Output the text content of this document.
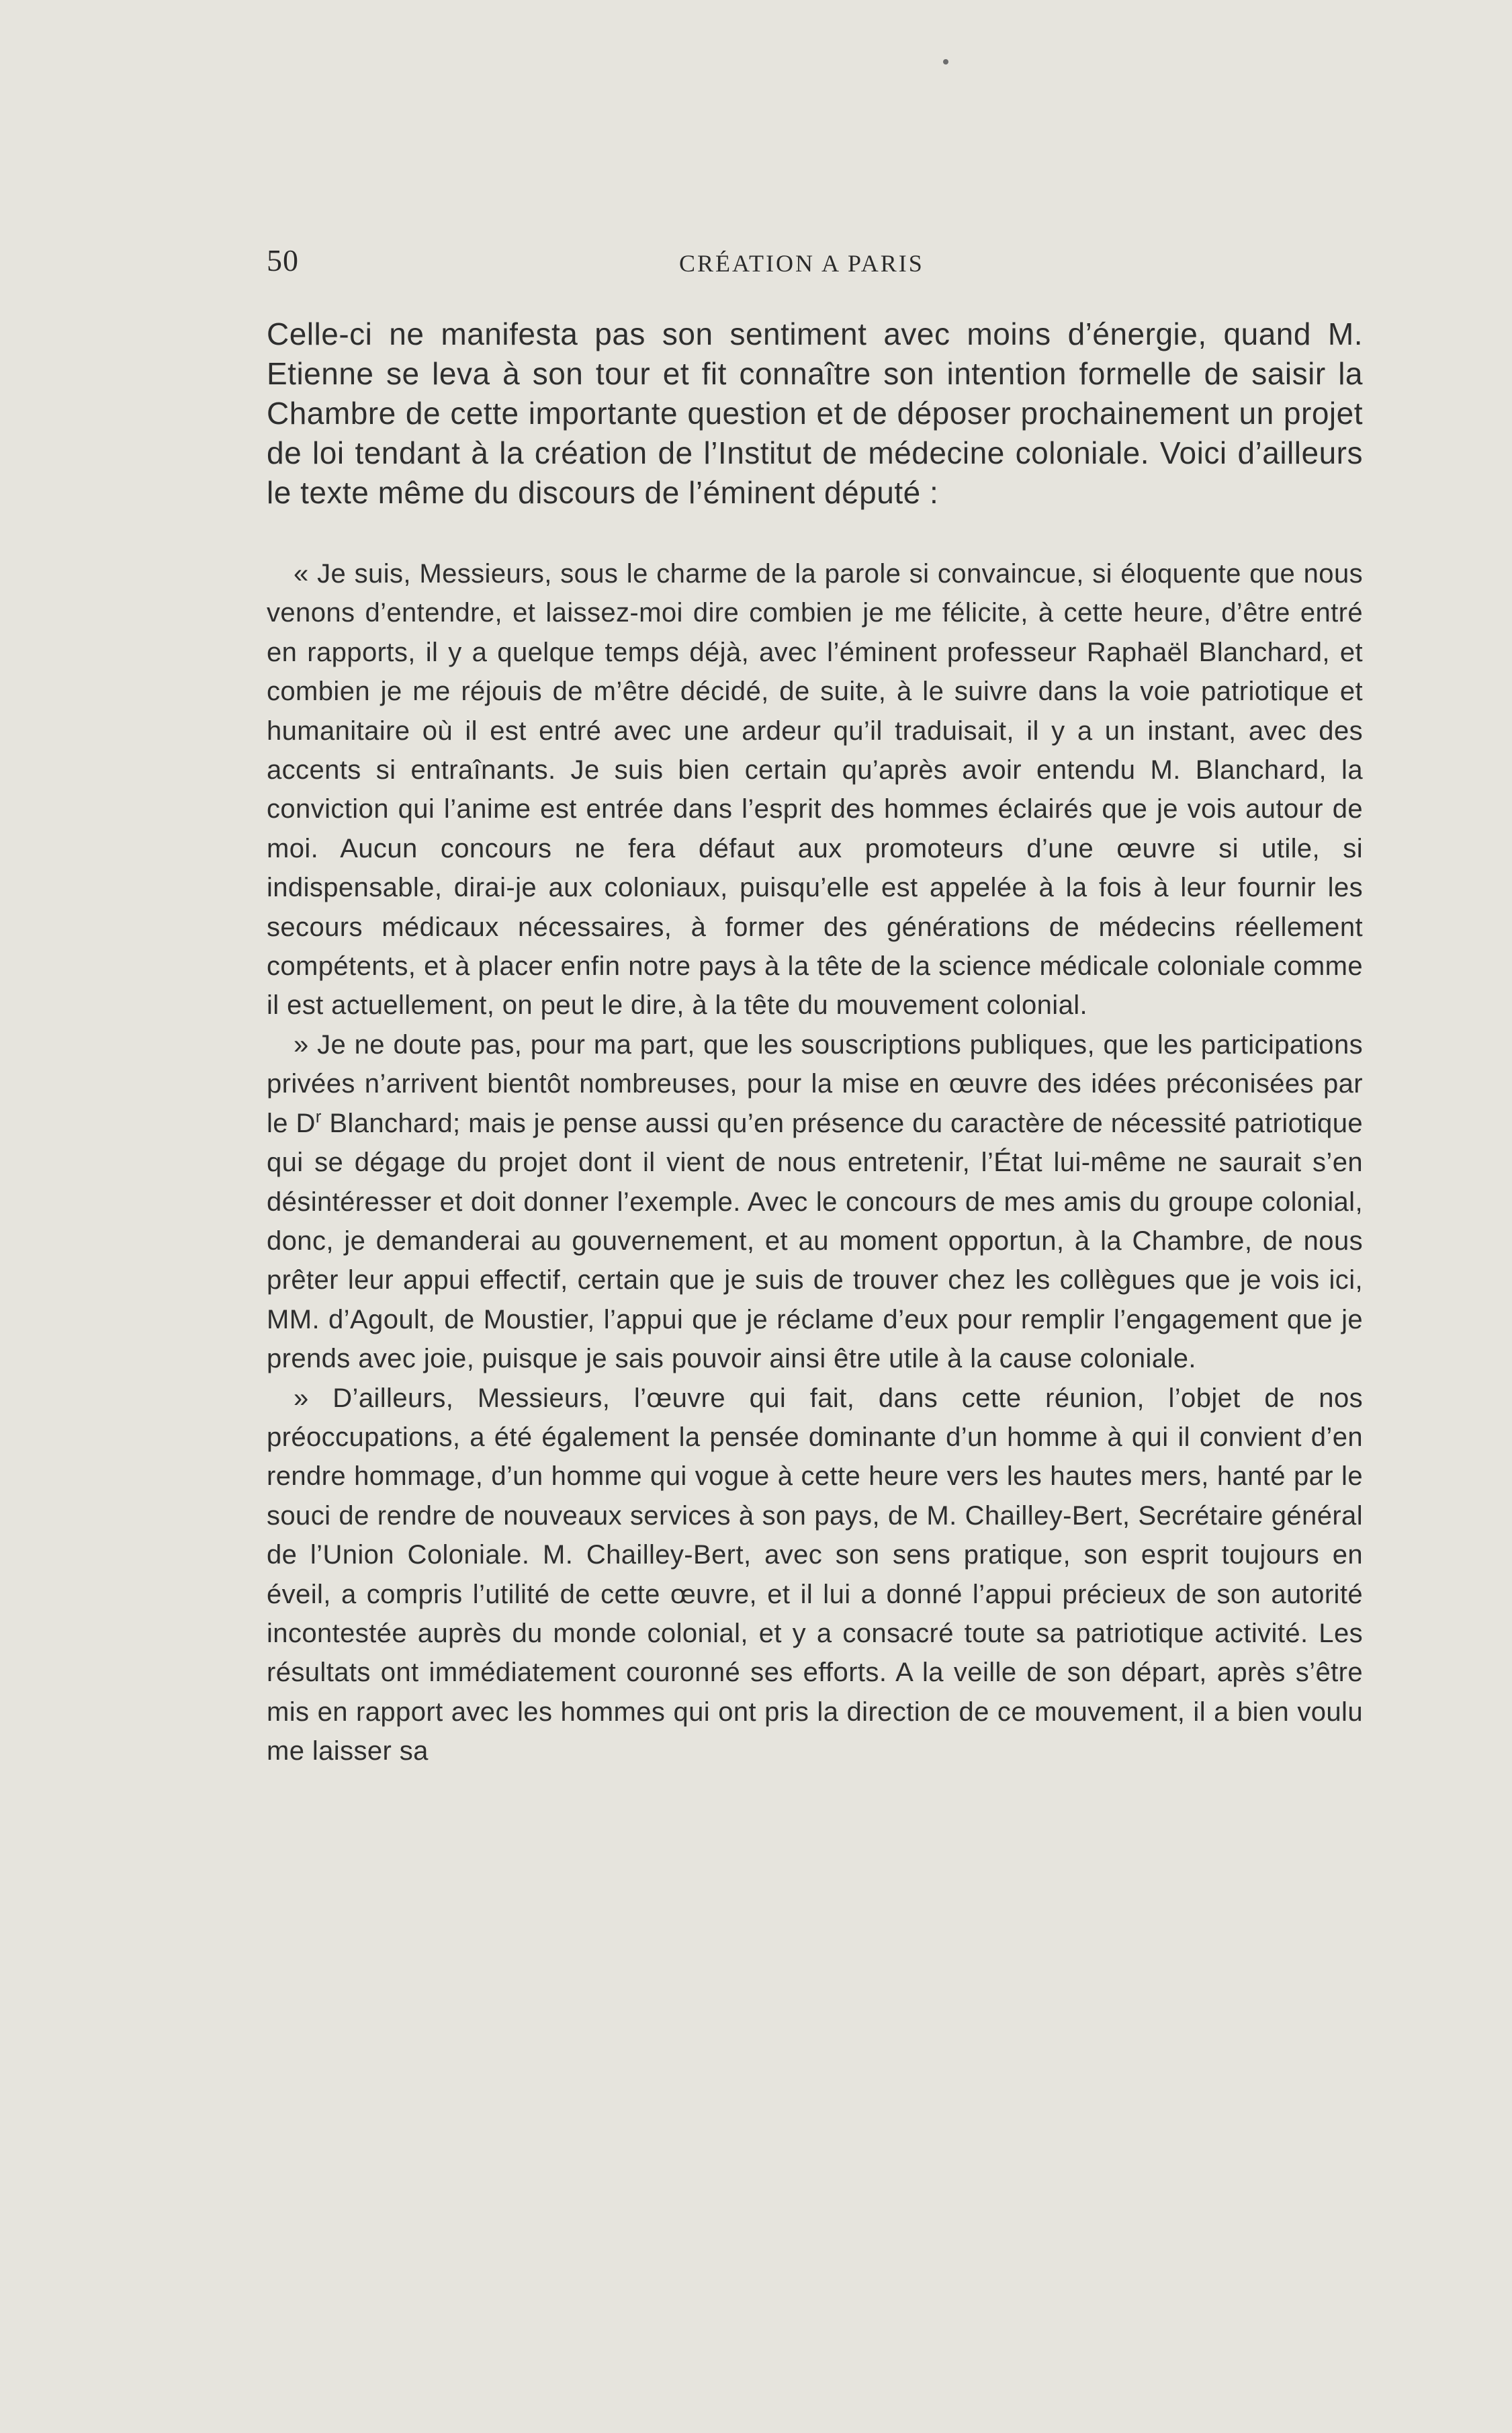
50	CRÉATION A PARIS

Celle-ci ne manifesta pas son sentiment avec moins d’énergie, quand M. Etienne se leva à son tour et fit connaître son intention formelle de saisir la Chambre de cette importante question et de déposer prochainement un projet de loi tendant à la création de l’Institut de médecine coloniale. Voici d’ailleurs le texte même du discours de l’éminent député :

« Je suis, Messieurs, sous le charme de la parole si convaincue, si éloquente que nous venons d’entendre, et laissez-moi dire combien je me félicite, à cette heure, d’être entré en rapports, il y a quelque temps déjà, avec l’éminent professeur Raphaël Blanchard, et combien je me réjouis de m’être décidé, de suite, à le suivre dans la voie patriotique et humanitaire où il est entré avec une ardeur qu’il traduisait, il y a un instant, avec des accents si entraînants. Je suis bien certain qu’après avoir entendu M. Blanchard, la conviction qui l’anime est entrée dans l’esprit des hommes éclairés que je vois autour de moi. Aucun concours ne fera défaut aux promoteurs d’une œuvre si utile, si indispensable, dirai-je aux coloniaux, puisqu’elle est appelée à la fois à leur fournir les secours médicaux nécessaires, à former des générations de médecins réellement compétents, et à placer enfin notre pays à la tête de la science médicale coloniale comme il est actuellement, on peut le dire, à la tête du mouvement colonial.

» Je ne doute pas, pour ma part, que les souscriptions publiques, que les participations privées n’arrivent bientôt nombreuses, pour la mise en œuvre des idées préconisées par le $D^r$ Blanchard; mais je pense aussi qu’en présence du caractère de nécessité patriotique qui se dégage du projet dont il vient de nous entretenir, l’État lui-même ne saurait s’en désintéresser et doit donner l’exemple. Avec le concours de mes amis du groupe colonial, donc, je demanderai au gouvernement, et au moment opportun, à la Chambre, de nous prêter leur appui effectif, certain que je suis de trouver chez les collègues que je vois ici, MM. d’Agoult, de Moustier, l’appui que je réclame d’eux pour remplir l’engagement que je prends avec joie, puisque je sais pouvoir ainsi être utile à la cause coloniale.

» D’ailleurs, Messieurs, l’œuvre qui fait, dans cette réunion, l’objet de nos préoccupations, a été également la pensée dominante d’un homme à qui il convient d’en rendre hommage, d’un homme qui vogue à cette heure vers les hautes mers, hanté par le souci de rendre de nouveaux services à son pays, de M. Chailley-Bert, Secrétaire général de l’Union Coloniale. M. Chailley-Bert, avec son sens pratique, son esprit toujours en éveil, a compris l’utilité de cette œuvre, et il lui a donné l’appui précieux de son autorité incontestée auprès du monde colonial, et y a consacré toute sa patriotique activité. Les résultats ont immédiatement couronné ses efforts. A la veille de son départ, après s’être mis en rapport avec les hommes qui ont pris la direction de ce mouvement, il a bien voulu me laisser sa
